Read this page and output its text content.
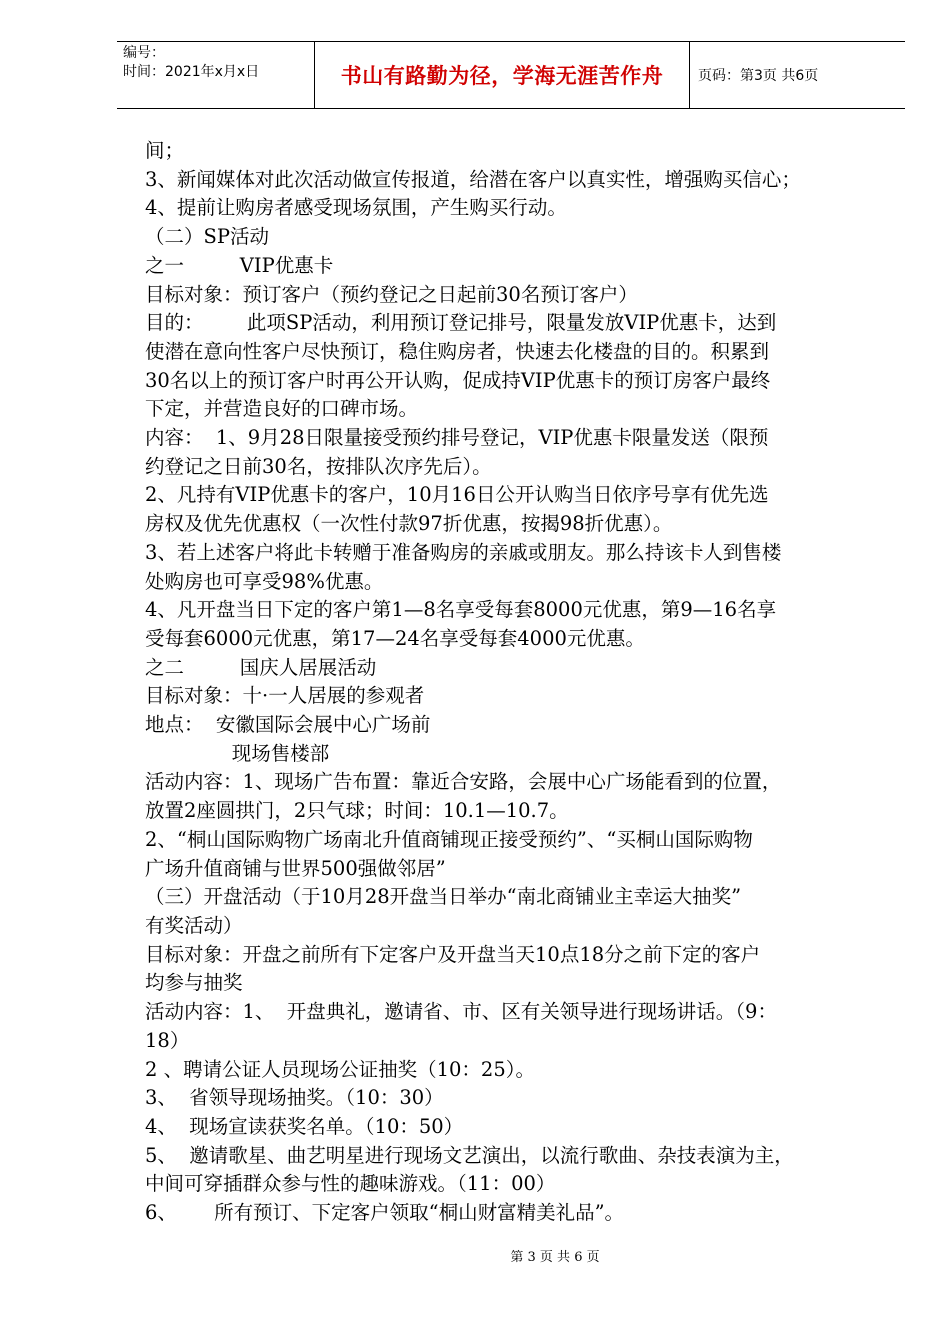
编号：
时间：2021年x月x日	书山有路勤为径，学海无涯苦作舟	页码：第3页 共6页

间；

3、新闻媒体对此次活动做宣传报道，给潜在客户以真实性，增强购买信心；

4、提前让购房者感受现场氛围，产生购买行动。

（二）SP活动

之一         VIP优惠卡

目标对象：预订客户（预约登记之日起前30名预订客户）

目的：       此项SP活动，利用预订登记排号，限量发放VIP优惠卡，达到

使潜在意向性客户尽快预订，稳住购房者，快速去化楼盘的目的。积累到

30名以上的预订客户时再公开认购，促成持VIP优惠卡的预订房客户最终

下定，并营造良好的口碑市场。

内容：  1、9月28日限量接受预约排号登记，VIP优惠卡限量发送（限预

约登记之日前30名，按排队次序先后）。

2、凡持有VIP优惠卡的客户，10月16日公开认购当日依序号享有优先选

房权及优先优惠权（一次性付款97折优惠，按揭98折优惠）。

3、若上述客户将此卡转赠于准备购房的亲戚或朋友。那么持该卡人到售楼

处购房也可享受98%优惠。

4、凡开盘当日下定的客户第1—8名享受每套8000元优惠，第9—16名享

受每套6000元优惠，第17—24名享受每套4000元优惠。

之二         国庆人居展活动

目标对象：十·一人居展的参观者

地点：  安徽国际会展中心广场前

现场售楼部

活动内容：1、现场广告布置：靠近合安路，会展中心广场能看到的位置，

放置2座圆拱门，2只气球；时间：10.1—10.7。

2、“桐山国际购物广场南北升值商铺现正接受预约”、“买桐山国际购物

广场升值商铺与世界500强做邻居”

（三）开盘活动（于10月28开盘当日举办“南北商铺业主幸运大抽奖”

有奖活动）

目标对象：开盘之前所有下定客户及开盘当天10点18分之前下定的客户

均参与抽奖

活动内容：1、  开盘典礼，邀请省、市、区有关领导进行现场讲话。（9：

18）

2 、聘请公证人员现场公证抽奖（10：25）。

3、  省领导现场抽奖。（10：30）

4、  现场宣读获奖名单。（10：50）

5、  邀请歌星、曲艺明星进行现场文艺演出，以流行歌曲、杂技表演为主，

中间可穿插群众参与性的趣味游戏。（11：00）

6、      所有预订、下定客户领取“桐山财富精美礼品”。

第 3 页 共 6 页
